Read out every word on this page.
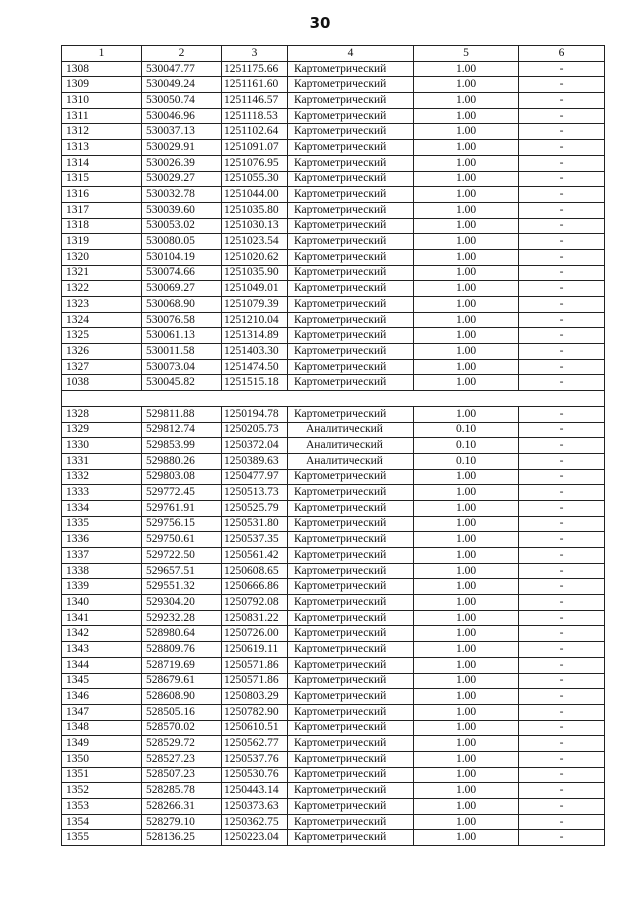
30
1	2	3	4	5	6
1308	530047.77	1251175.66	Картометрический	1.00	-
1309	530049.24	1251161.60	Картометрический	1.00	-
1310	530050.74	1251146.57	Картометрический	1.00	-
1311	530046.96	1251118.53	Картометрический	1.00	-
1312	530037.13	1251102.64	Картометрический	1.00	-
1313	530029.91	1251091.07	Картометрический	1.00	-
1314	530026.39	1251076.95	Картометрический	1.00	-
1315	530029.27	1251055.30	Картометрический	1.00	-
1316	530032.78	1251044.00	Картометрический	1.00	-
1317	530039.60	1251035.80	Картометрический	1.00	-
1318	530053.02	1251030.13	Картометрический	1.00	-
1319	530080.05	1251023.54	Картометрический	1.00	-
1320	530104.19	1251020.62	Картометрический	1.00	-
1321	530074.66	1251035.90	Картометрический	1.00	-
1322	530069.27	1251049.01	Картометрический	1.00	-
1323	530068.90	1251079.39	Картометрический	1.00	-
1324	530076.58	1251210.04	Картометрический	1.00	-
1325	530061.13	1251314.89	Картометрический	1.00	-
1326	530011.58	1251403.30	Картометрический	1.00	-
1327	530073.04	1251474.50	Картометрический	1.00	-
1038	530045.82	1251515.18	Картометрический	1.00	-

1328	529811.88	1250194.78	Картометрический	1.00	-
1329	529812.74	1250205.73	Аналитический	0.10	-
1330	529853.99	1250372.04	Аналитический	0.10	-
1331	529880.26	1250389.63	Аналитический	0.10	-
1332	529803.08	1250477.97	Картометрический	1.00	-
1333	529772.45	1250513.73	Картометрический	1.00	-
1334	529761.91	1250525.79	Картометрический	1.00	-
1335	529756.15	1250531.80	Картометрический	1.00	-
1336	529750.61	1250537.35	Картометрический	1.00	-
1337	529722.50	1250561.42	Картометрический	1.00	-
1338	529657.51	1250608.65	Картометрический	1.00	-
1339	529551.32	1250666.86	Картометрический	1.00	-
1340	529304.20	1250792.08	Картометрический	1.00	-
1341	529232.28	1250831.22	Картометрический	1.00	-
1342	528980.64	1250726.00	Картометрический	1.00	-
1343	528809.76	1250619.11	Картометрический	1.00	-
1344	528719.69	1250571.86	Картометрический	1.00	-
1345	528679.61	1250571.86	Картометрический	1.00	-
1346	528608.90	1250803.29	Картометрический	1.00	-
1347	528505.16	1250782.90	Картометрический	1.00	-
1348	528570.02	1250610.51	Картометрический	1.00	-
1349	528529.72	1250562.77	Картометрический	1.00	-
1350	528527.23	1250537.76	Картометрический	1.00	-
1351	528507.23	1250530.76	Картометрический	1.00	-
1352	528285.78	1250443.14	Картометрический	1.00	-
1353	528266.31	1250373.63	Картометрический	1.00	-
1354	528279.10	1250362.75	Картометрический	1.00	-
1355	528136.25	1250223.04	Картометрический	1.00	-
